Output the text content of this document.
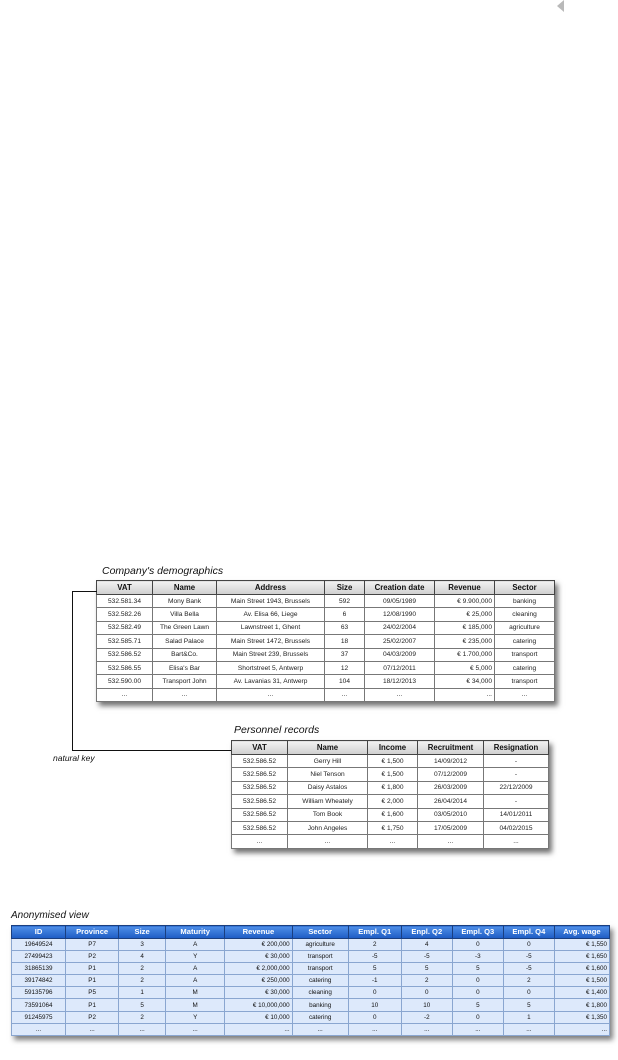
Company's demographics
VAT	Name	Address	Size	Creation date	Revenue	Sector
532.581.34	Mony Bank	Main Street 1943, Brussels	592	09/05/1989	€ 9.900,000	banking
532.582.26	Villa Bella	Av. Elisa 66, Liege	6	12/08/1990	€ 25,000	cleaning
532.582.49	The Green Lawn	Lawnstreet 1, Ghent	63	24/02/2004	€ 185,000	agriculture
532.585.71	Salad Palace	Main Street 1472, Brussels	18	25/02/2007	€ 235,000	catering
532.586.52	Bart&Co.	Main Street 239, Brussels	37	04/03/2009	€ 1.700,000	transport
532.586.55	Elisa's Bar	Shortstreet 5, Antwerp	12	07/12/2011	€ 5,000	catering
532.590.00	Transport John	Av. Lavanias 31, Antwerp	104	18/12/2013	€ 34,000	transport
...	...	...	...	...	...	...
natural key
Personnel records
VAT	Name	Income	Recruitment	Resignation
532.586.52	Gerry Hill	€ 1,500	14/09/2012	-
532.586.52	Niel Tenson	€ 1,500	07/12/2009	-
532.586.52	Daisy Astalos	€ 1,800	26/03/2009	22/12/2009
532.586.52	William Wheately	€ 2,000	26/04/2014	-
532.586.52	Tom Book	€ 1,600	03/05/2010	14/01/2011
532.586.52	John Angeles	€ 1,750	17/05/2009	04/02/2015
...	...	...	...	...
Anonymised view
ID	Province	Size	Maturity	Revenue	Sector	Empl. Q1	Enpl. Q2	Empl. Q3	Empl. Q4	Avg. wage
19649524	P7	3	A	€ 200,000	agriculture	2	4	0	0	€ 1,550
27499423	P2	4	Y	€ 30,000	transport	-5	-5	-3	-5	€ 1,650
31865139	P1	2	A	€ 2,000,000	transport	5	5	5	-5	€ 1,600
39174842	P1	2	A	€ 250,000	catering	-1	2	0	2	€ 1,500
59135796	P5	1	M	€ 30,000	cleaning	0	0	0	0	€ 1,400
73591064	P1	5	M	€ 10,000,000	banking	10	10	5	5	€ 1,800
91245975	P2	2	Y	€ 10,000	catering	0	-2	0	1	€ 1,350
...	...	...	...	...	...	...	...	...	...	...
